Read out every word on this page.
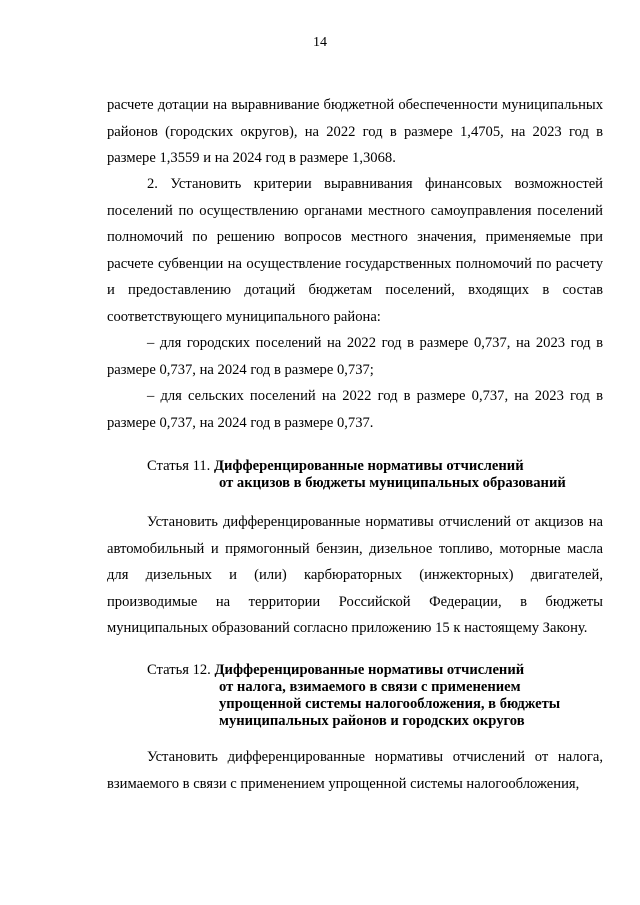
14

расчете дотации на выравнивание бюджетной обеспеченности муниципальных районов (городских округов), на 2022 год в размере 1,4705, на 2023 год в размере 1,3559 и на 2024 год в размере 1,3068.

2. Установить критерии выравнивания финансовых возможностей поселений по осуществлению органами местного самоуправления поселений полномочий по решению вопросов местного значения, применяемые при расчете субвенции на осуществление государственных полномочий по расчету и предоставлению дотаций бюджетам поселений, входящих в состав соответствующего муниципального района:

– для городских поселений на 2022 год в размере 0,737, на 2023 год в размере 0,737, на 2024 год в размере 0,737;

– для сельских поселений на 2022 год в размере 0,737, на 2023 год в размере 0,737, на 2024 год в размере 0,737.

Статья 11. Дифференцированные нормативы отчислений
от акцизов в бюджеты муниципальных образований

Установить дифференцированные нормативы отчислений от акцизов на автомобильный и прямогонный бензин, дизельное топливо, моторные масла для дизельных и (или) карбюраторных (инжекторных) двигателей, производимые на территории Российской Федерации, в бюджеты муниципальных образований согласно приложению 15 к настоящему Закону.

Статья 12. Дифференцированные нормативы отчислений
от налога, взимаемого в связи с применением
упрощенной системы налогообложения, в бюджеты
муниципальных районов и городских округов

Установить дифференцированные нормативы отчислений от налога, взимаемого в связи с применением упрощенной системы налогообложения,
